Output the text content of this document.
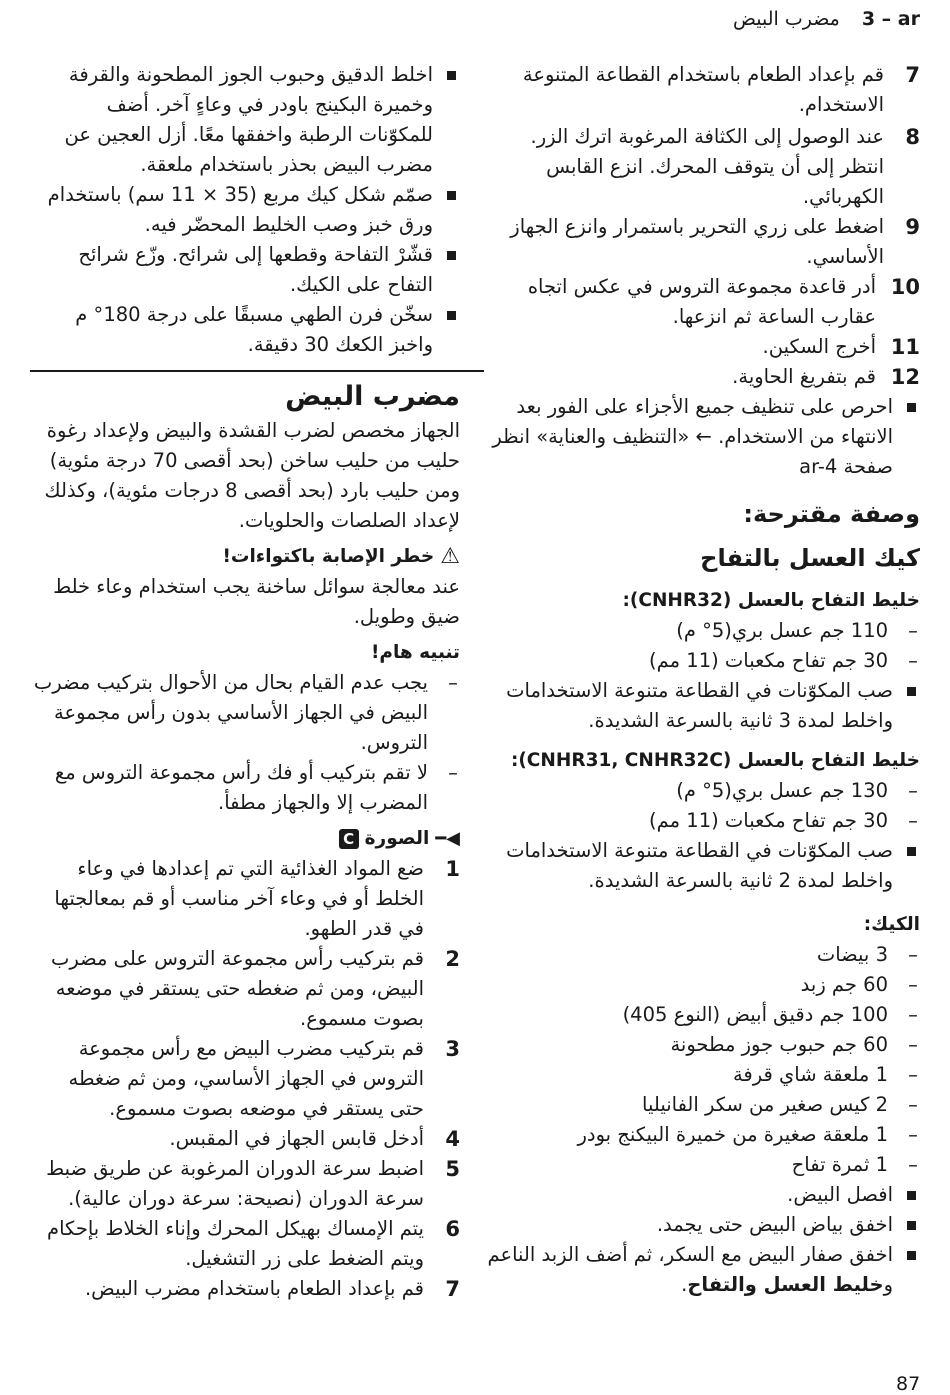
3 – ar
مضرب البيض
7
قم بإعداد الطعام باستخدام القطاعة المتنوعة الاستخدام.
8
عند الوصول إلى الكثافة المرغوبة اترك الزر. انتظر إلى أن يتوقف المحرك. انزع القابس الكهربائي.
9
اضغط على زري التحرير باستمرار وانزع الجهاز الأساسي.
10
أدر قاعدة مجموعة التروس في عكس اتجاه عقارب الساعة ثم انزعها.
11
أخرج السكين.
12
قم بتفريغ الحاوية.
احرص على تنظيف جميع الأجزاء على الفور بعد الانتهاء من الاستخدام. ← «التنظيف والعناية» انظر صفحة ar-4
وصفة مقترحة:
كيك العسل بالتفاح
خليط التفاح بالعسل (CNHR32):
–
110 جم عسل بري(5° م)
–
30 جم تفاح مكعبات (11 مم)
صب المكوّنات في القطاعة متنوعة الاستخدامات واخلط لمدة 3 ثانية بالسرعة الشديدة.
خليط التفاح بالعسل (CNHR31, CNHR32C):
–
130 جم عسل بري(5° م)
–
30 جم تفاح مكعبات (11 مم)
صب المكوّنات في القطاعة متنوعة الاستخدامات واخلط لمدة 2 ثانية بالسرعة الشديدة.
الكيك:
–
3 بيضات
–
60 جم زبد
–
100 جم دقيق أبيض (النوع 405)
–
60 جم حبوب جوز مطحونة
–
1 ملعقة شاي قرفة
–
2 كيس صغير من سكر الفانيليا
–
1 ملعقة صغيرة من خميرة البيكنج بودر
–
1 ثمرة تفاح
افصل البيض.
اخفق بياض البيض حتى يجمد.
اخفق صفار البيض مع السكر، ثم أضف الزبد الناعم وخليط العسل والتفاح.
اخلط الدقيق وحبوب الجوز المطحونة والقرفة وخميرة البكينج باودر في وعاءٍ آخر. أضف للمكوّنات الرطبة واخفقها معًا. أزل العجين عن مضرب البيض بحذر باستخدام ملعقة.
صمّم شكل كيك مربع (35 × 11 سم) باستخدام ورق خبز وصب الخليط المحضّر فيه.
قشّرْ التفاحة وقطعها إلى شرائح. وزّع شرائح التفاح على الكيك.
سخّن فرن الطهي مسبقًا على درجة 180° م واخبز الكعك 30 دقيقة.
مضرب البيض
الجهاز مخصص لضرب القشدة والبيض ولإعداد رغوة حليب من حليب ساخن (بحد أقصى 70 درجة مئوية) ومن حليب بارد (بحد أقصى 8 درجات مئوية)، وكذلك لإعداد الصلصات والحلويات.
⚠
خطر الإصابة باكتواءات!
عند معالجة سوائل ساخنة يجب استخدام وعاء خلط ضيق وطويل.
تنبيه هام!
–
يجب عدم القيام بحال من الأحوال بتركيب مضرب البيض في الجهاز الأساسي بدون رأس مجموعة التروس.
–
لا تقم بتركيب أو فك رأس مجموعة التروس مع المضرب إلا والجهاز مطفأ.
◀━
الصورة
C
1
ضع المواد الغذائية التي تم إعدادها في وعاء الخلط أو في وعاء آخر مناسب أو قم بمعالجتها في قدر الطهو.
2
قم بتركيب رأس مجموعة التروس على مضرب البيض، ومن ثم ضغطه حتى يستقر في موضعه بصوت مسموع.
3
قم بتركيب مضرب البيض مع رأس مجموعة التروس في الجهاز الأساسي، ومن ثم ضغطه حتى يستقر في موضعه بصوت مسموع.
4
أدخل قابس الجهاز في المقبس.
5
اضبط سرعة الدوران المرغوبة عن طريق ضبط سرعة الدوران (نصيحة: سرعة دوران عالية).
6
يتم الإمساك بهيكل المحرك وإناء الخلاط بإحكام ويتم الضغط على زر التشغيل.
7
قم بإعداد الطعام باستخدام مضرب البيض.
87
